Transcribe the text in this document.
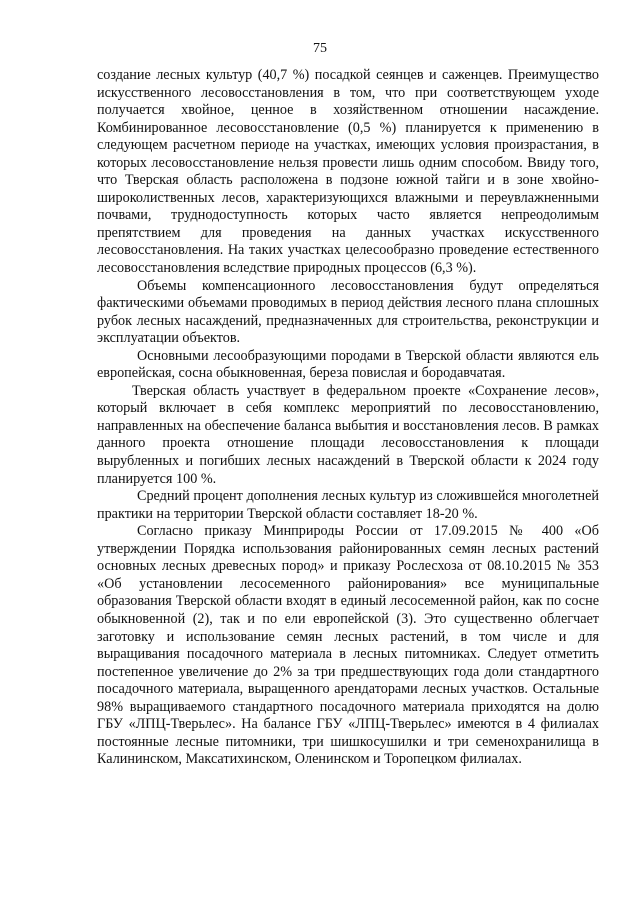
75

создание лесных культур (40,7 %) посадкой сеянцев и саженцев. Преимущество искусственного лесовосстановления в том, что при соответствующем уходе получается хвойное, ценное в хозяйственном отношении насаждение. Комбинированное лесовосстановление (0,5 %) планируется к применению в следующем расчетном периоде на участках, имеющих условия произрастания, в которых лесовосстановление нельзя провести лишь одним способом. Ввиду того, что Тверская область расположена в подзоне южной тайги и в зоне хвойно-широколиственных лесов, характеризующихся влажными и переувлажненными почвами, труднодоступность которых часто является непреодолимым препятствием для проведения на данных участках искусственного лесовосстановления. На таких участках целесообразно проведение естественного лесовосстановления вследствие природных процессов (6,3 %).

Объемы компенсационного лесовосстановления будут определяться фактическими объемами проводимых в период действия лесного плана сплошных рубок лесных насаждений, предназначенных для строительства, реконструкции и эксплуатации объектов.

Основными лесообразующими породами в Тверской области являются ель европейская, сосна обыкновенная, береза повислая и бородавчатая.

Тверская область участвует в федеральном проекте «Сохранение лесов», который включает в себя комплекс мероприятий по лесовосстановлению, направленных на обеспечение баланса выбытия и восстановления лесов. В рамках данного проекта отношение площади лесовосстановления к площади вырубленных и погибших лесных насаждений в Тверской области к 2024 году планируется 100 %.

Средний процент дополнения лесных культур из сложившейся многолетней практики на территории Тверской области составляет 18-20 %.

Согласно приказу Минприроды России от 17.09.2015 № 400 «Об утверждении Порядка использования районированных семян лесных растений основных лесных древесных пород» и приказу Рослесхоза от 08.10.2015 № 353 «Об установлении лесосеменного районирования» все муниципальные образования Тверской области входят в единый лесосеменной район, как по сосне обыкновенной (2), так и по ели европейской (3). Это существенно облегчает заготовку и использование семян лесных растений, в том числе и для выращивания посадочного материала в лесных питомниках. Следует отметить постепенное увеличение до 2% за три предшествующих года доли стандартного посадочного материала, выращенного арендаторами лесных участков. Остальные 98% выращиваемого стандартного посадочного материала приходятся на долю ГБУ «ЛПЦ-Тверьлес». На балансе ГБУ «ЛПЦ-Тверьлес» имеются в 4 филиалах постоянные лесные питомники, три шишкосушилки и три семенохранилища в Калининском, Максатихинском, Оленинском и Торопецком филиалах.
